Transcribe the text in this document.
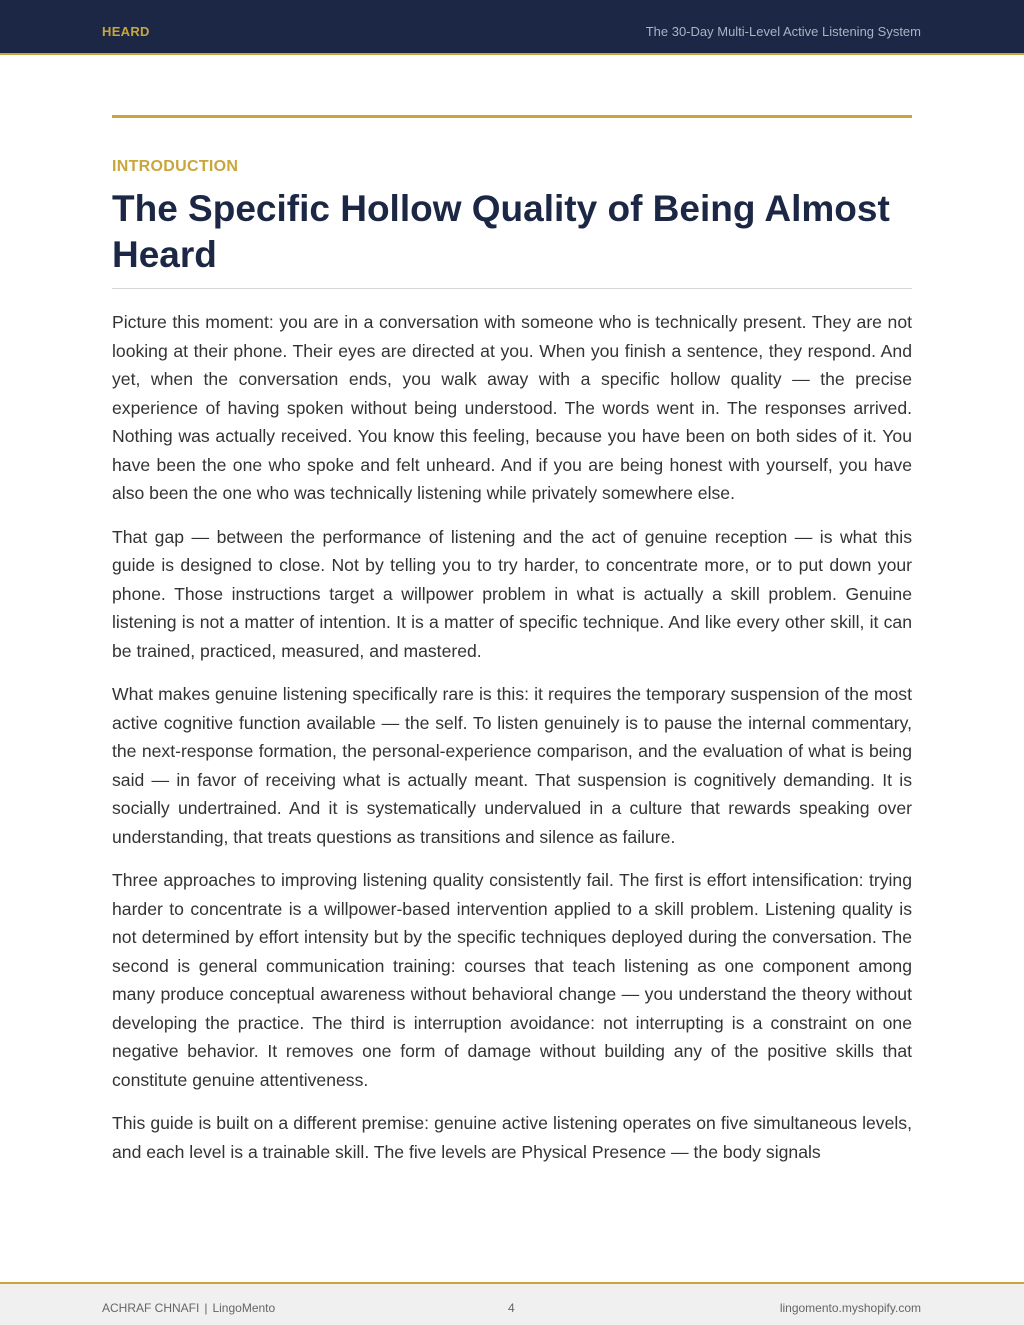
HEARD	The 30-Day Multi-Level Active Listening System
INTRODUCTION
The Specific Hollow Quality of Being Almost Heard

Picture this moment: you are in a conversation with someone who is technically present. They are not looking at their phone. Their eyes are directed at you. When you finish a sentence, they respond. And yet, when the conversation ends, you walk away with a specific hollow quality — the precise experience of having spoken without being understood. The words went in. The responses arrived. Nothing was actually received. You know this feeling, because you have been on both sides of it. You have been the one who spoke and felt unheard. And if you are being honest with yourself, you have also been the one who was technically listening while privately somewhere else.

That gap — between the performance of listening and the act of genuine reception — is what this guide is designed to close. Not by telling you to try harder, to concentrate more, or to put down your phone. Those instructions target a willpower problem in what is actually a skill problem. Genuine listening is not a matter of intention. It is a matter of specific technique. And like every other skill, it can be trained, practiced, measured, and mastered.

What makes genuine listening specifically rare is this: it requires the temporary suspension of the most active cognitive function available — the self. To listen genuinely is to pause the internal commentary, the next-response formation, the personal-experience comparison, and the evaluation of what is being said — in favor of receiving what is actually meant. That suspension is cognitively demanding. It is socially undertrained. And it is systematically undervalued in a culture that rewards speaking over understanding, that treats questions as transitions and silence as failure.

Three approaches to improving listening quality consistently fail. The first is effort intensification: trying harder to concentrate is a willpower-based intervention applied to a skill problem. Listening quality is not determined by effort intensity but by the specific techniques deployed during the conversation. The second is general communication training: courses that teach listening as one component among many produce conceptual awareness without behavioral change — you understand the theory without developing the practice. The third is interruption avoidance: not interrupting is a constraint on one negative behavior. It removes one form of damage without building any of the positive skills that constitute genuine attentiveness.

This guide is built on a different premise: genuine active listening operates on five simultaneous levels, and each level is a trainable skill. The five levels are Physical Presence — the body signals

ACHRAF CHNAFI | LingoMento	4	lingomento.myshopify.com
